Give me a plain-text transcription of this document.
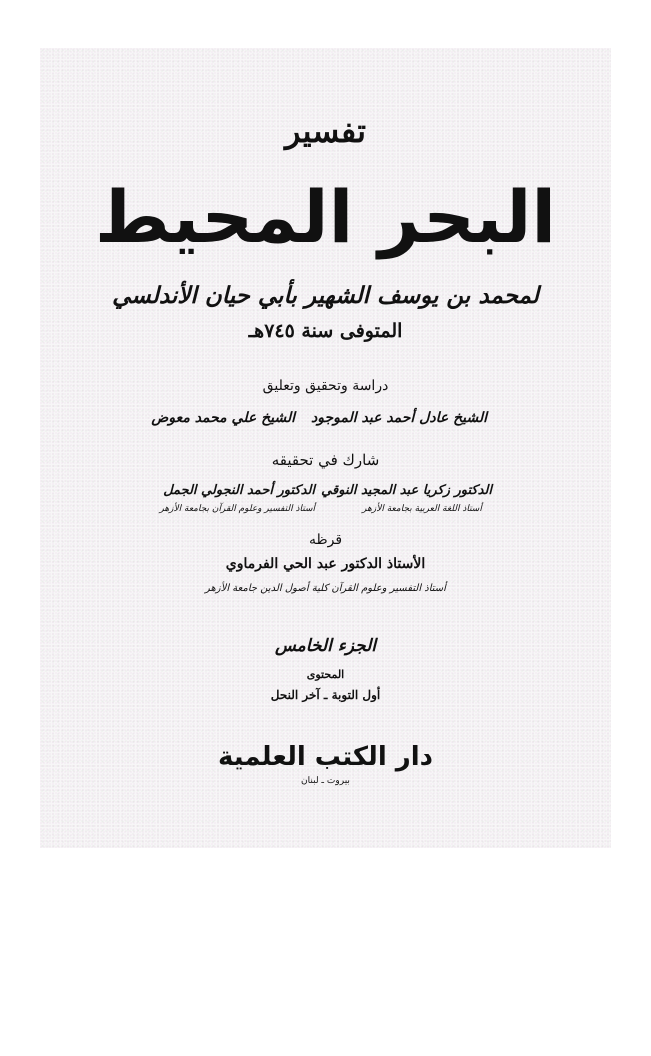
تفسير
البحر المحيط
لمحمد بن يوسف الشهير بأبي حيان الأندلسي
المتوفى سنة ٧٤٥هـ
دراسة وتحقيق وتعليق
الشيخ عادل أحمد عبد الموجود
الشيخ علي محمد معوض
شارك في تحقيقه
الدكتور زكريا عبد المجيد النوقي
أستاذ اللغة العربية بجامعة الأزهر
الدكتور أحمد النجولي الجمل
أستاذ التفسير وعلوم القرآن بجامعة الأزهر
قرظه
الأستاذ الدكتور عبد الحي الفرماوي
أستاذ التفسير وعلوم القرآن كلية أصول الدين جامعة الأزهر
الجزء الخامس
المحتوى
أول التوبة ـ آخر النحل
دار الكتب العلمية
بيروت ـ لبنان
